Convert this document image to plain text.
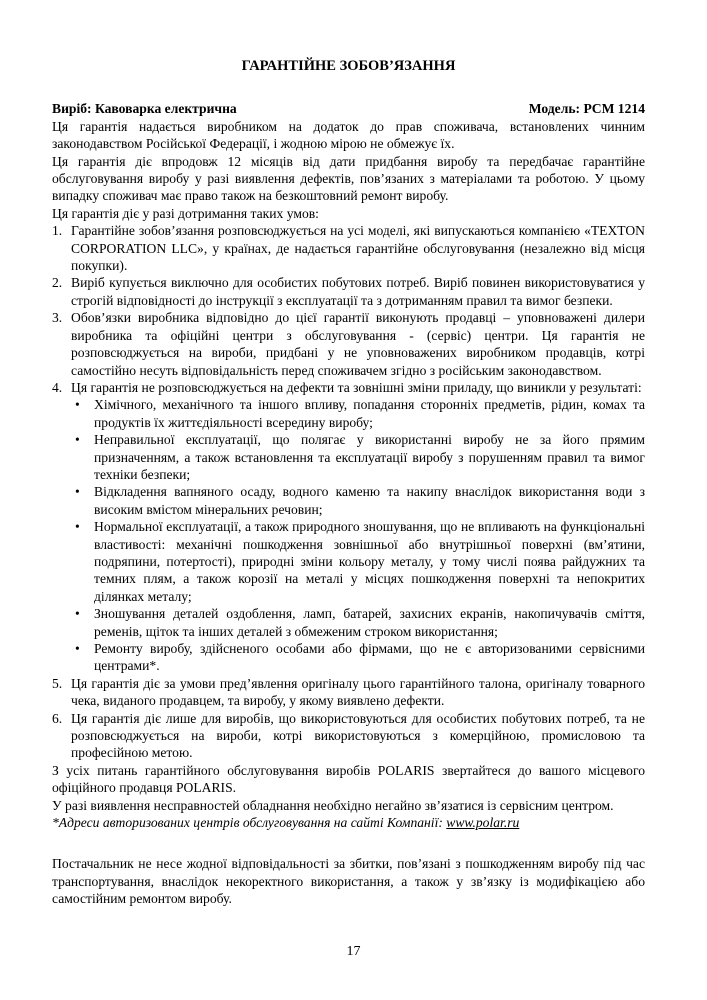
ГАРАНТІЙНЕ ЗОБОВ’ЯЗАННЯ
Виріб: Кавоварка електрична	Модель: PCM 1214

Ця гарантія надається виробником на додаток до прав споживача, встановлених чинним законодавством Російської Федерації, і жодною мірою не обмежує їх.

Ця гарантія діє впродовж 12 місяців від дати придбання виробу та передбачає гарантійне обслуговування виробу у разі виявлення дефектів, пов’язаних з матеріалами та роботою. У цьому випадку споживач має право також на безкоштовний ремонт виробу.

Ця гарантія діє у разі дотримання таких умов:

1. Гарантійне зобов’язання розповсюджується на усі моделі, які випускаються компанією «TEXTON CORPORATION LLC», у країнах, де надається гарантійне обслуговування (незалежно від місця покупки).
2. Виріб купується виключно для особистих побутових потреб. Виріб повинен використовуватися у строгій відповідності до інструкції з експлуатації та з дотриманням правил та вимог безпеки.
3. Обов’язки виробника відповідно до цієї гарантії виконують продавці – уповноважені дилери виробника та офіційні центри з обслуговування - (сервіс) центри. Ця гарантія не розповсюджується на вироби, придбані у не уповноважених виробником продавців, котрі самостійно несуть відповідальність перед споживачем згідно з російським законодавством.
4. Ця гарантія не розповсюджується на дефекти та зовнішні зміни приладу, що виникли у результаті:
• Хімічного, механічного та іншого впливу, попадання сторонніх предметів, рідин, комах та продуктів їх життєдіяльності всередину виробу;
• Неправильної експлуатації, що полягає у використанні виробу не за його прямим призначенням, а також встановлення та експлуатації виробу з порушенням правил та вимог техніки безпеки;
• Відкладення вапняного осаду, водного каменю та накипу внаслідок використання води з високим вмістом мінеральних речовин;
• Нормальної експлуатації, а також природного зношування, що не впливають на функціональні властивості: механічні пошкодження зовнішньої або внутрішньої поверхні (вм’ятини, подряпини, потертості), природні зміни кольору металу, у тому числі поява райдужних та темних плям, а також корозії на металі у місцях пошкодження поверхні та непокритих ділянках металу;
• Зношування деталей оздоблення, ламп, батарей, захисних екранів, накопичувачів сміття, ременів, щіток та інших деталей з обмеженим строком використання;
• Ремонту виробу, здійсненого особами або фірмами, що не є авторизованими сервісними центрами*.
5. Ця гарантія діє за умови пред’явлення оригіналу цього гарантійного талона, оригіналу товарного чека, виданого продавцем, та виробу, у якому виявлено дефекти.
6. Ця гарантія діє лише для виробів, що використовуються для особистих побутових потреб, та не розповсюджується на вироби, котрі використовуються з комерційною, промисловою та професійною метою.

З усіх питань гарантійного обслуговування виробів POLARIS звертайтеся до вашого місцевого офіційного продавця POLARIS.

У разі виявлення несправностей обладнання необхідно негайно зв’язатися із сервісним центром.

*Адреси авторизованих центрів обслуговування на сайті Компанії: www.polar.ru

Постачальник не несе жодної відповідальності за збитки, пов’язані з пошкодженням виробу під час транспортування, внаслідок некоректного використання, а також у зв’язку із модифікацією або самостійним ремонтом виробу.

17
